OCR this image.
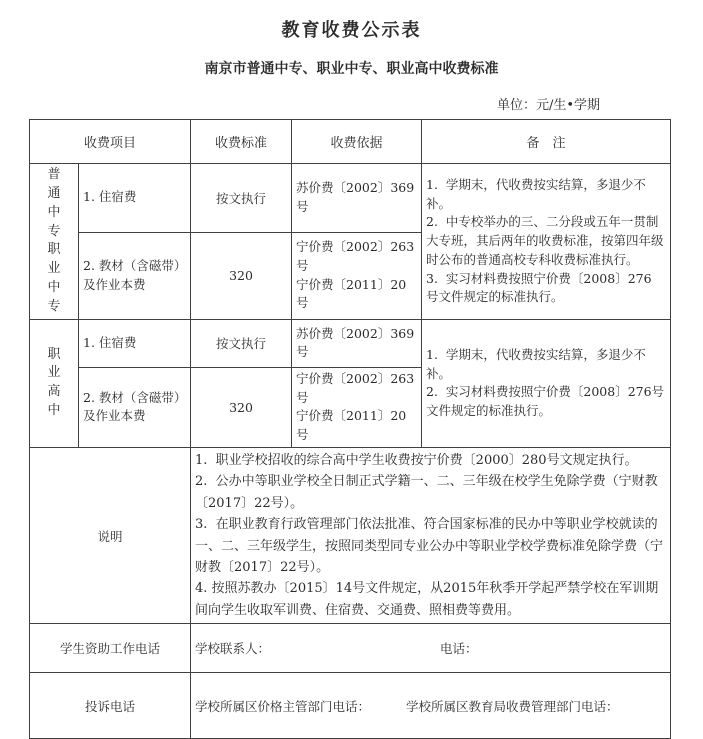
教育收费公示表
南京市普通中专、职业中专、职业高中收费标准
单位：元/生•学期
收费项目		收费标准	收费依据	备　注

普通中专职业中专	1. 住宿费	按文执行	苏价费〔2002〕369号	1.  学期末，代收费按实结算，多退少不补。
2.  中专校举办的三、二分段或五年一贯制大专班，其后两年的收费标准，按第四年级时公布的普通高校专科收费标准执行。
3.  实习材料费按照宁价费〔2008〕276 号文件规定的标准执行。

	2. 教材（含磁带）及作业本费	320	宁价费〔2002〕263号
宁价费〔2011〕20号	

职业高中	1. 住宿费	按文执行	苏价费〔2002〕369号	1.  学期末，代收费按实结算，多退少不补。
2.  实习材料费按照宁价费〔2008〕276号文件规定的标准执行。

	2. 教材（含磁带）及作业本费	320	宁价费〔2002〕263号
宁价费〔2011〕20号	

说明		1.  职业学校招收的综合高中学生收费按宁价费〔2000〕280号文规定执行。
2.  公办中等职业学校全日制正式学籍一、二、三年级在校学生免除学费（宁财教〔2017〕22号）。
3.  在职业教育行政管理部门依法批准、符合国家标准的民办中等职业学校就读的一、二、三年级学生，按照同类型同专业公办中等职业学校学费标准免除学费（宁财教〔2017〕22号）。
4. 按照苏教办〔2015〕14号文件规定，从2015年秋季开学起严禁学校在军训期间向学生收取军训费、住宿费、交通费、照相费等费用。		

学生资助工作电话		学校联系人： 电话：		
投诉电话		学校所属区价格主管部门电话： 学校所属区教育局收费管理部门电话：		
